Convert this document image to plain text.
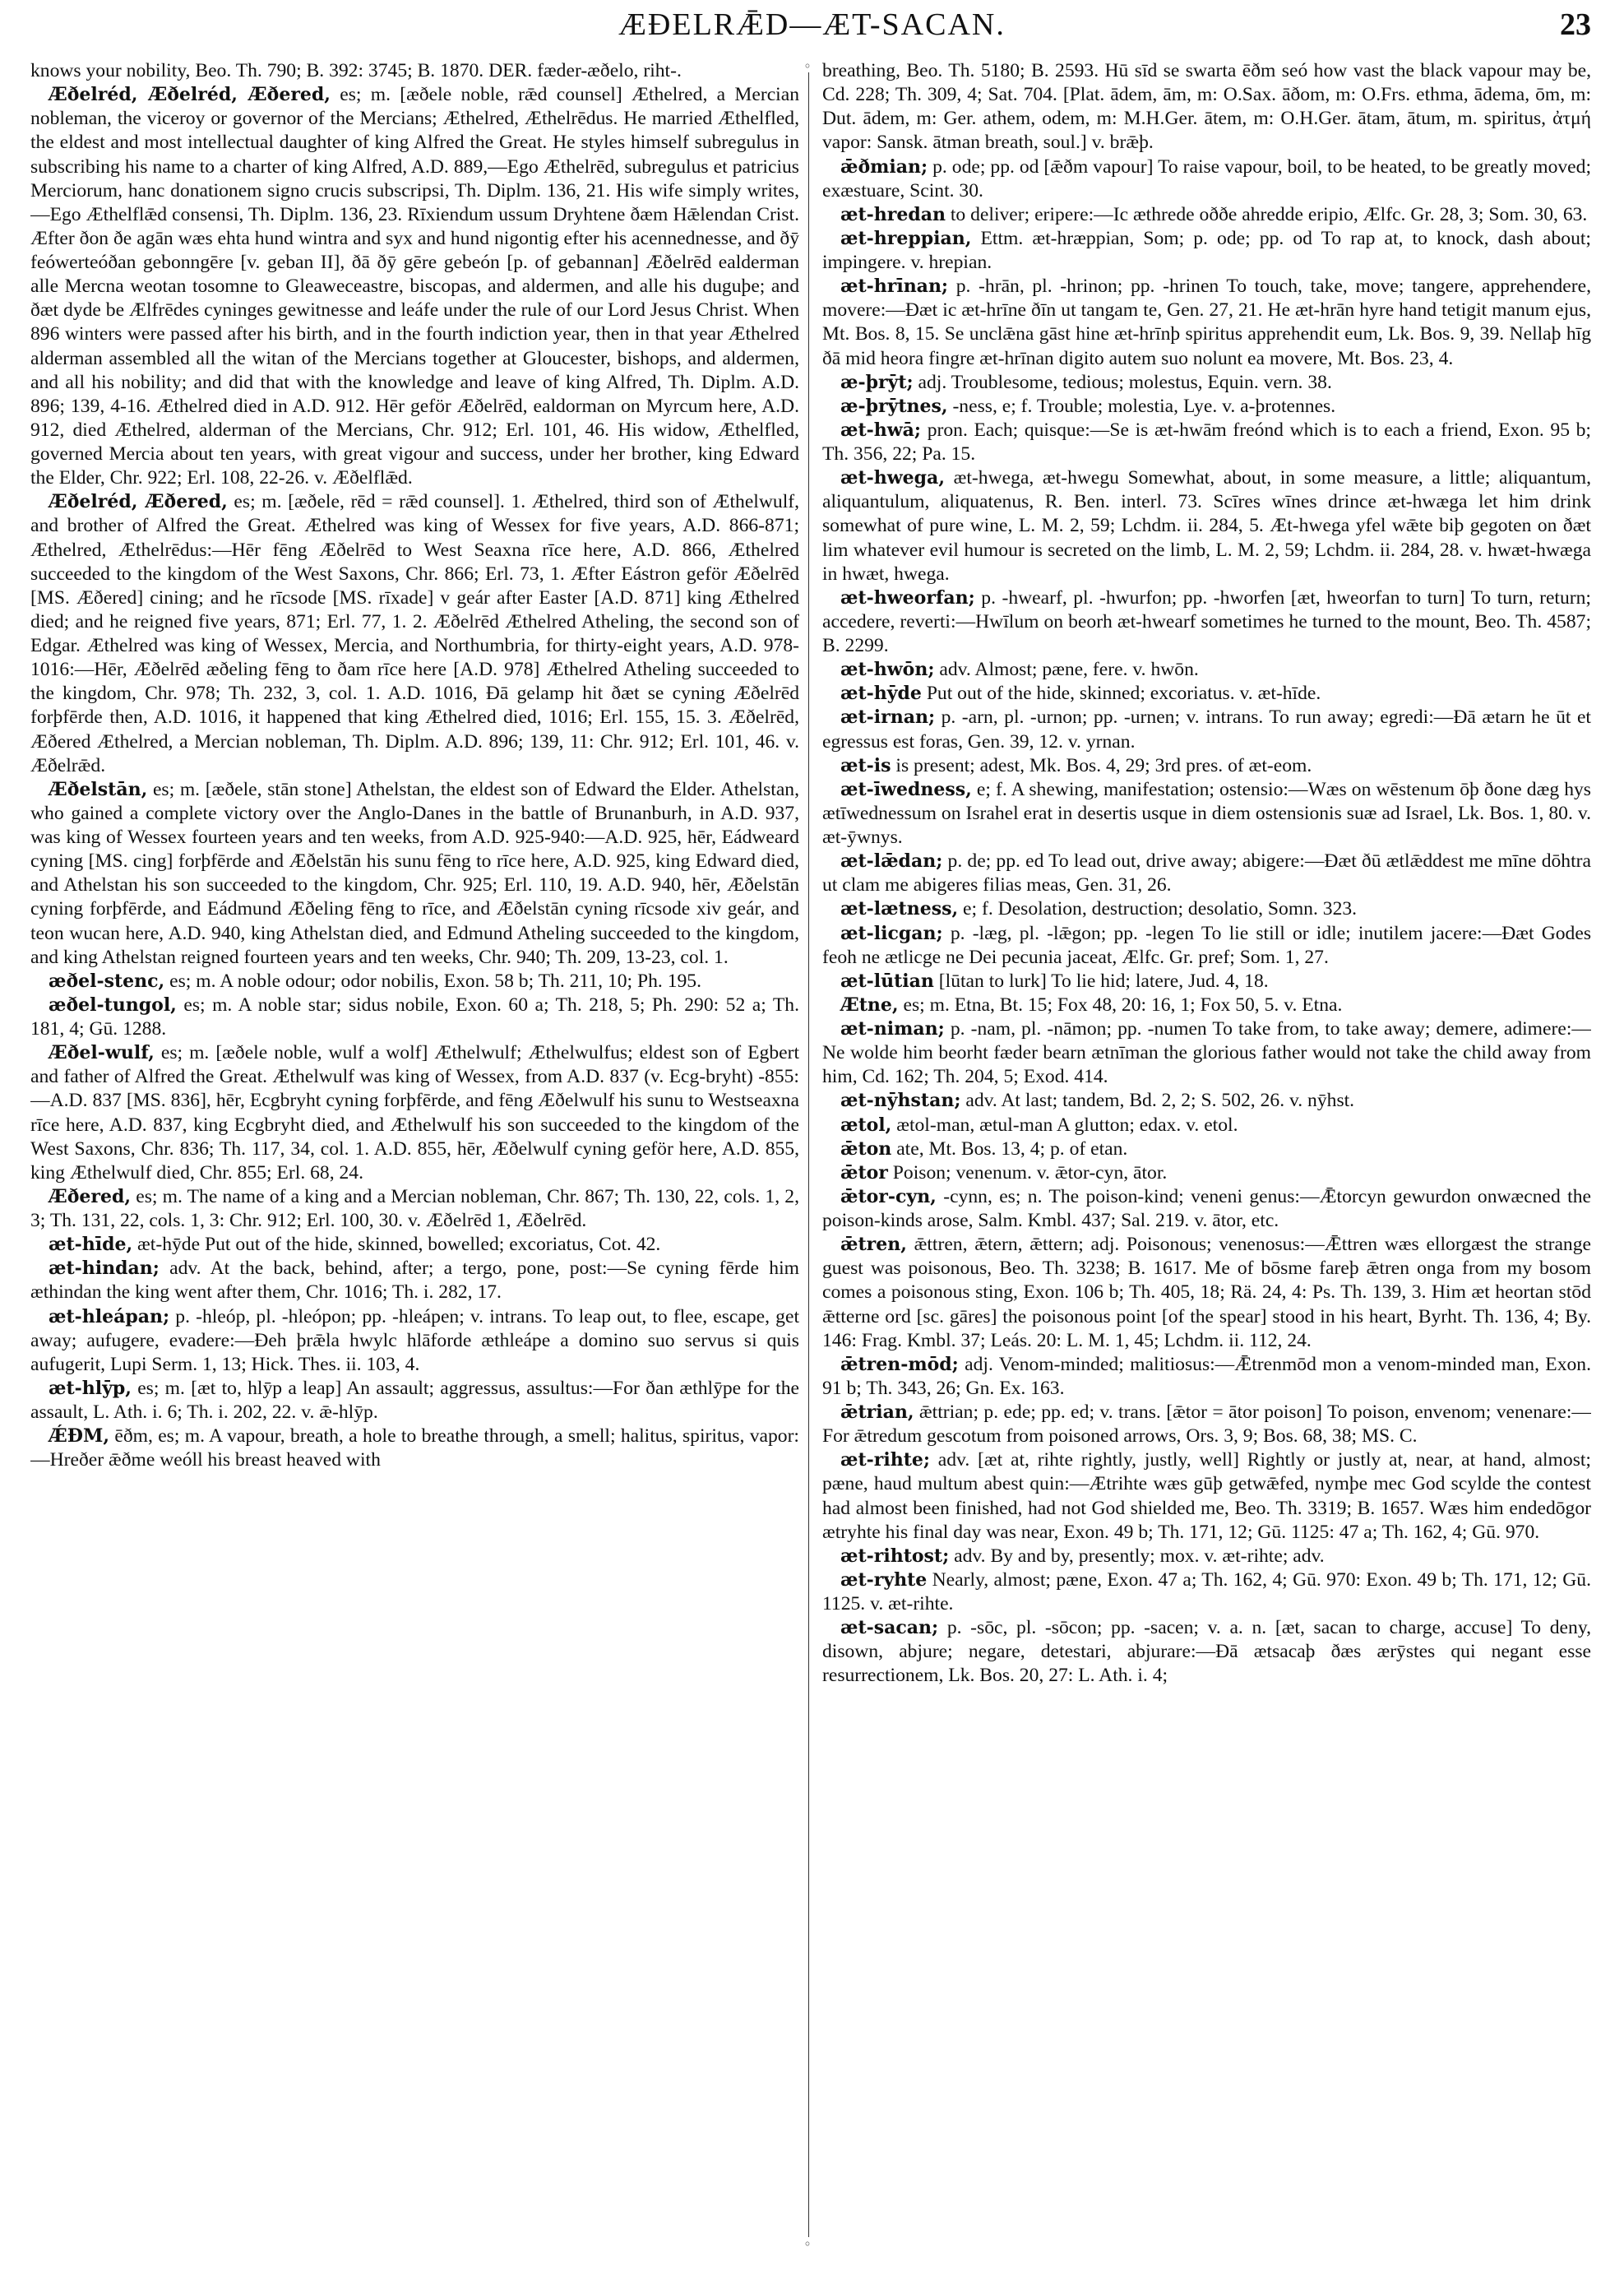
ÆÐELRǢD—ÆT-SACAN.	23
◦
◦

knows your nobility, Beo. Th. 790; B. 392: 3745; B. 1870. DER. fæder-æðelo, riht-.

Æðelréd, Æðelréd, Æðered, es; m. [æðele noble, rǣd counsel] Æthelred, a Mercian nobleman, the viceroy or governor of the Mercians; Æthelred, Æthelrēdus. He married Æthelfled, the eldest and most intellectual daughter of king Alfred the Great. He styles himself subregulus in subscribing his name to a charter of king Alfred, A.D. 889,—Ego Æthelrēd, subregulus et patricius Merciorum, hanc donationem signo crucis subscripsi, Th. Diplm. 136, 21. His wife simply writes,—Ego Æthelflǣd consensi, Th. Diplm. 136, 23. Rīxiendum ussum Dryhtene ðæm Hǣlendan Crist. Æfter ðon ðe agān wæs ehta hund wintra and syx and hund nigontig efter his acennednesse, and ðȳ feówerteóðan gebonngēre [v. geban II], ðā ðȳ gēre gebeón [p. of gebannan] Æðelrēd ealderman alle Mercna weotan tosomne to Gleaweceastre, biscopas, and aldermen, and alle his duguþe; and ðæt dyde be Ælfrēdes cyninges gewitnesse and leáfe under the rule of our Lord Jesus Christ. When 896 winters were passed after his birth, and in the fourth indiction year, then in that year Æthelred alderman assembled all the witan of the Mercians together at Gloucester, bishops, and aldermen, and all his nobility; and did that with the knowledge and leave of king Alfred, Th. Diplm. A.D. 896; 139, 4-16. Æthelred died in A.D. 912. Hēr geför Æðelrēd, ealdorman on Myrcum here, A.D. 912, died Æthelred, alderman of the Mercians, Chr. 912; Erl. 101, 46. His widow, Æthelfled, governed Mercia about ten years, with great vigour and success, under her brother, king Edward the Elder, Chr. 922; Erl. 108, 22-26. v. Æðelflǣd.

Æðelréd, Æðered, es; m. [æðele, rēd = rǣd counsel]. 1. Æthelred, third son of Æthelwulf, and brother of Alfred the Great. Æthelred was king of Wessex for five years, A.D. 866-871; Æthelred, Æthelrēdus:—Hēr fēng Æðelrēd to West Seaxna rīce here, A.D. 866, Æthelred succeeded to the kingdom of the West Saxons, Chr. 866; Erl. 73, 1. Æfter Eástron geför Æðelrēd [MS. Æðered] cining; and he rīcsode [MS. rīxade] v geár after Easter [A.D. 871] king Æthelred died; and he reigned five years, 871; Erl. 77, 1. 2. Æðelrēd Æthelred Atheling, the second son of Edgar. Æthelred was king of Wessex, Mercia, and Northumbria, for thirty-eight years, A.D. 978-1016:—Hēr, Æðelrēd æðeling fēng to ðam rīce here [A.D. 978] Æthelred Atheling succeeded to the kingdom, Chr. 978; Th. 232, 3, col. 1. A.D. 1016, Ðā gelamp hit ðæt se cyning Æðelrēd forþfērde then, A.D. 1016, it happened that king Æthelred died, 1016; Erl. 155, 15. 3. Æðelrēd, Æðered Æthelred, a Mercian nobleman, Th. Diplm. A.D. 896; 139, 11: Chr. 912; Erl. 101, 46. v. Æðelrǣd.

Æðelstān, es; m. [æðele, stān stone] Athelstan, the eldest son of Edward the Elder. Athelstan, who gained a complete victory over the Anglo-Danes in the battle of Brunanburh, in A.D. 937, was king of Wessex fourteen years and ten weeks, from A.D. 925-940:—A.D. 925, hēr, Eádweard cyning [MS. cing] forþfērde and Æðelstān his sunu fēng to rīce here, A.D. 925, king Edward died, and Athelstan his son succeeded to the kingdom, Chr. 925; Erl. 110, 19. A.D. 940, hēr, Æðelstān cyning forþfērde, and Eádmund Æðeling fēng to rīce, and Æðelstān cyning rīcsode xiv geár, and teon wucan here, A.D. 940, king Athelstan died, and Edmund Atheling succeeded to the kingdom, and king Athelstan reigned fourteen years and ten weeks, Chr. 940; Th. 209, 13-23, col. 1.

æðel-stenc, es; m. A noble odour; odor nobilis, Exon. 58 b; Th. 211, 10; Ph. 195.

æðel-tungol, es; m. A noble star; sidus nobile, Exon. 60 a; Th. 218, 5; Ph. 290: 52 a; Th. 181, 4; Gū. 1288.

Æðel-wulf, es; m. [æðele noble, wulf a wolf] Æthelwulf; Æthelwulfus; eldest son of Egbert and father of Alfred the Great. Æthelwulf was king of Wessex, from A.D. 837 (v. Ecg-bryht) -855:—A.D. 837 [MS. 836], hēr, Ecgbryht cyning forþfērde, and fēng Æðelwulf his sunu to Westseaxna rīce here, A.D. 837, king Ecgbryht died, and Æthelwulf his son succeeded to the kingdom of the West Saxons, Chr. 836; Th. 117, 34, col. 1. A.D. 855, hēr, Æðelwulf cyning geför here, A.D. 855, king Æthelwulf died, Chr. 855; Erl. 68, 24.

Æðered, es; m. The name of a king and a Mercian nobleman, Chr. 867; Th. 130, 22, cols. 1, 2, 3; Th. 131, 22, cols. 1, 3: Chr. 912; Erl. 100, 30. v. Æðelrēd 1, Æðelrēd.

æt-hīde, æt-hȳde Put out of the hide, skinned, bowelled; excoriatus, Cot. 42.

æt-hindan; adv. At the back, behind, after; a tergo, pone, post:—Se cyning fērde him æthindan the king went after them, Chr. 1016; Th. i. 282, 17.

æt-hleápan; p. -hleóp, pl. -hleópon; pp. -hleápen; v. intrans. To leap out, to flee, escape, get away; aufugere, evadere:—Ðeh þrǣla hwylc hlāforde æthleápe a domino suo servus si quis aufugerit, Lupi Serm. 1, 13; Hick. Thes. ii. 103, 4.

æt-hlȳp, es; m. [æt to, hlȳp a leap] An assault; aggressus, assultus:—For ðan æthlȳpe for the assault, L. Ath. i. 6; Th. i. 202, 22. v. ǣ-hlȳp.

ǼÐM, ēðm, es; m. A vapour, breath, a hole to breathe through, a smell; halitus, spiritus, vapor:—Hreðer ǣðme weóll his breast heaved with

breathing, Beo. Th. 5180; B. 2593. Hū sīd se swarta ēðm seó how vast the black vapour may be, Cd. 228; Th. 309, 4; Sat. 704. [Plat. ādem, ām, m: O.Sax. āðom, m: O.Frs. ethma, ādema, ōm, m: Dut. ādem, m: Ger. athem, odem, m: M.H.Ger. ātem, m: O.H.Ger. ātam, ātum, m. spiritus, ἀτμή vapor: Sansk. ātman breath, soul.] v. brǣþ.

ǣðmian; p. ode; pp. od [ǣðm vapour] To raise vapour, boil, to be heated, to be greatly moved; exæstuare, Scint. 30.

æt-hredan to deliver; eripere:—Ic æthrede oððe ahredde eripio, Ælfc. Gr. 28, 3; Som. 30, 63.

æt-hreppian, Ettm. æt-hræppian, Som; p. ode; pp. od To rap at, to knock, dash about; impingere. v. hrepian.

æt-hrīnan; p. -hrān, pl. -hrinon; pp. -hrinen To touch, take, move; tangere, apprehendere, movere:—Ðæt ic æt-hrīne ðīn ut tangam te, Gen. 27, 21. He æt-hrān hyre hand tetigit manum ejus, Mt. Bos. 8, 15. Se unclǣna gāst hine æt-hrīnþ spiritus apprehendit eum, Lk. Bos. 9, 39. Nellaþ hīg ðā mid heora fingre æt-hrīnan digito autem suo nolunt ea movere, Mt. Bos. 23, 4.

æ-þrȳt; adj. Troublesome, tedious; molestus, Equin. vern. 38.

æ-þrȳtnes, -ness, e; f. Trouble; molestia, Lye. v. a-þrotennes.

æt-hwā; pron. Each; quisque:—Se is æt-hwām freónd which is to each a friend, Exon. 95 b; Th. 356, 22; Pa. 15.

æt-hwega, æt-hwega, æt-hwegu Somewhat, about, in some measure, a little; aliquantum, aliquantulum, aliquatenus, R. Ben. interl. 73. Scīres wīnes drince æt-hwæga let him drink somewhat of pure wine, L. M. 2, 59; Lchdm. ii. 284, 5. Æt-hwega yfel wǣte biþ gegoten on ðæt lim whatever evil humour is secreted on the limb, L. M. 2, 59; Lchdm. ii. 284, 28. v. hwæt-hwæga in hwæt, hwega.

æt-hweorfan; p. -hwearf, pl. -hwurfon; pp. -hworfen [æt, hweorfan to turn] To turn, return; accedere, reverti:—Hwīlum on beorh æt-hwearf sometimes he turned to the mount, Beo. Th. 4587; B. 2299.

æt-hwōn; adv. Almost; pæne, fere. v. hwōn.

æt-hȳde Put out of the hide, skinned; excoriatus. v. æt-hīde.

æt-irnan; p. -arn, pl. -urnon; pp. -urnen; v. intrans. To run away; egredi:—Ðā ætarn he ūt et egressus est foras, Gen. 39, 12. v. yrnan.

æt-is is present; adest, Mk. Bos. 4, 29; 3rd pres. of æt-eom.

æt-īwedness, e; f. A shewing, manifestation; ostensio:—Wæs on wēstenum ōþ ðone dæg hys ætīwednessum on Israhel erat in desertis usque in diem ostensionis suæ ad Israel, Lk. Bos. 1, 80. v. æt-ȳwnys.

æt-lǣdan; p. de; pp. ed To lead out, drive away; abigere:—Ðæt ðū ætlǣddest me mīne dōhtra ut clam me abigeres filias meas, Gen. 31, 26.

æt-lætness, e; f. Desolation, destruction; desolatio, Somn. 323.

æt-licgan; p. -læg, pl. -lǣgon; pp. -legen To lie still or idle; inutilem jacere:—Ðæt Godes feoh ne ætlicge ne Dei pecunia jaceat, Ælfc. Gr. pref; Som. 1, 27.

æt-lūtian [lūtan to lurk] To lie hid; latere, Jud. 4, 18.

Ætne, es; m. Etna, Bt. 15; Fox 48, 20: 16, 1; Fox 50, 5. v. Etna.

æt-niman; p. -nam, pl. -nāmon; pp. -numen To take from, to take away; demere, adimere:—Ne wolde him beorht fæder bearn ætnīman the glorious father would not take the child away from him, Cd. 162; Th. 204, 5; Exod. 414.

æt-nȳhstan; adv. At last; tandem, Bd. 2, 2; S. 502, 26. v. nȳhst.

ætol, ætol-man, ætul-man A glutton; edax. v. etol.

ǣton ate, Mt. Bos. 13, 4; p. of etan.

ǣtor Poison; venenum. v. ǣtor-cyn, ātor.

ǣtor-cyn, -cynn, es; n. The poison-kind; veneni genus:—Ǣtorcyn gewurdon onwæcned the poison-kinds arose, Salm. Kmbl. 437; Sal. 219. v. ātor, etc.

ǣtren, ǣttren, ǣtern, ǣttern; adj. Poisonous; venenosus:—Ǣttren wæs ellorgæst the strange guest was poisonous, Beo. Th. 3238; B. 1617. Me of bōsme fareþ ǣtren onga from my bosom comes a poisonous sting, Exon. 106 b; Th. 405, 18; Rä. 24, 4: Ps. Th. 139, 3. Him æt heortan stōd ǣtterne ord [sc. gāres] the poisonous point [of the spear] stood in his heart, Byrht. Th. 136, 4; By. 146: Frag. Kmbl. 37; Leás. 20: L. M. 1, 45; Lchdm. ii. 112, 24.

ǣtren-mōd; adj. Venom-minded; malitiosus:—Ǣtrenmōd mon a venom-minded man, Exon. 91 b; Th. 343, 26; Gn. Ex. 163.

ǣtrian, ǣttrian; p. ede; pp. ed; v. trans. [ǣtor = ātor poison] To poison, envenom; venenare:—For ǣtredum gescotum from poisoned arrows, Ors. 3, 9; Bos. 68, 38; MS. C.

æt-rihte; adv. [æt at, rihte rightly, justly, well] Rightly or justly at, near, at hand, almost; pæne, haud multum abest quin:—Ætrihte wæs gūþ getwǣfed, nymþe mec God scylde the contest had almost been finished, had not God shielded me, Beo. Th. 3319; B. 1657. Wæs him endedōgor ætryhte his final day was near, Exon. 49 b; Th. 171, 12; Gū. 1125: 47 a; Th. 162, 4; Gū. 970.

æt-rihtost; adv. By and by, presently; mox. v. æt-rihte; adv.

æt-ryhte Nearly, almost; pæne, Exon. 47 a; Th. 162, 4; Gū. 970: Exon. 49 b; Th. 171, 12; Gū. 1125. v. æt-rihte.

æt-sacan; p. -sōc, pl. -sōcon; pp. -sacen; v. a. n. [æt, sacan to charge, accuse] To deny, disown, abjure; negare, detestari, abjurare:—Ðā ætsacaþ ðæs ærȳstes qui negant esse resurrectionem, Lk. Bos. 20, 27: L. Ath. i. 4;
